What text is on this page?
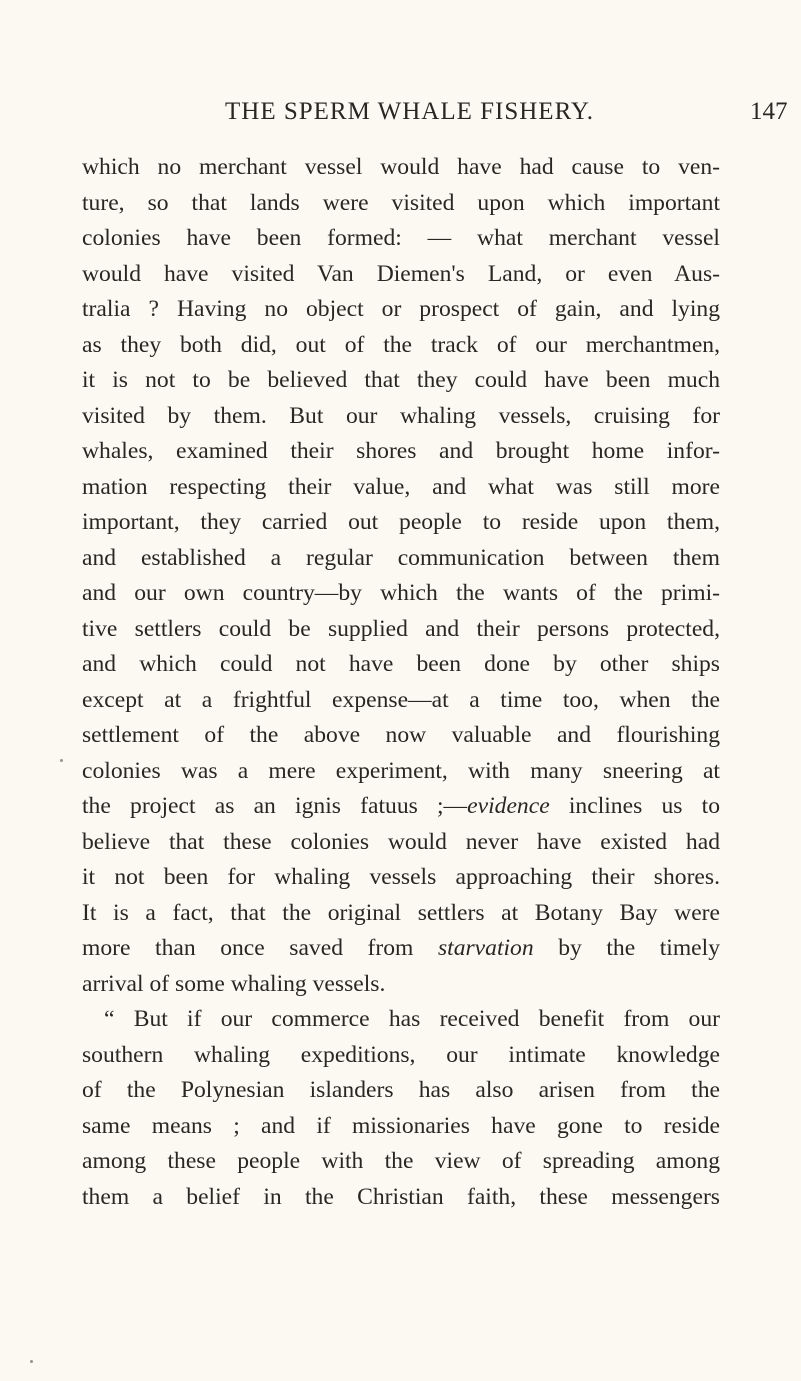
THE SPERM WHALE FISHERY.	147
which no merchant vessel would have had cause to ven-
ture, so that lands were visited upon which important
colonies have been formed: — what merchant vessel
would have visited Van Diemen's Land, or even Aus-
tralia ? Having no object or prospect of gain, and lying
as they both did, out of the track of our merchantmen,
it is not to be believed that they could have been much
visited by them. But our whaling vessels, cruising for
whales, examined their shores and brought home infor-
mation respecting their value, and what was still more
important, they carried out people to reside upon them,
and established a regular communication between them
and our own country—by which the wants of the primi-
tive settlers could be supplied and their persons protected,
and which could not have been done by other ships
except at a frightful expense—at a time too, when the
settlement of the above now valuable and flourishing
colonies was a mere experiment, with many sneering at
the project as an ignis fatuus ;—evidence inclines us to
believe that these colonies would never have existed had
it not been for whaling vessels approaching their shores.
It is a fact, that the original settlers at Botany Bay were
more than once saved from starvation by the timely
arrival of some whaling vessels.
“ But if our commerce has received benefit from our
southern whaling expeditions, our intimate knowledge
of the Polynesian islanders has also arisen from the
same means ; and if missionaries have gone to reside
among these people with the view of spreading among
them a belief in the Christian faith, these messengers
